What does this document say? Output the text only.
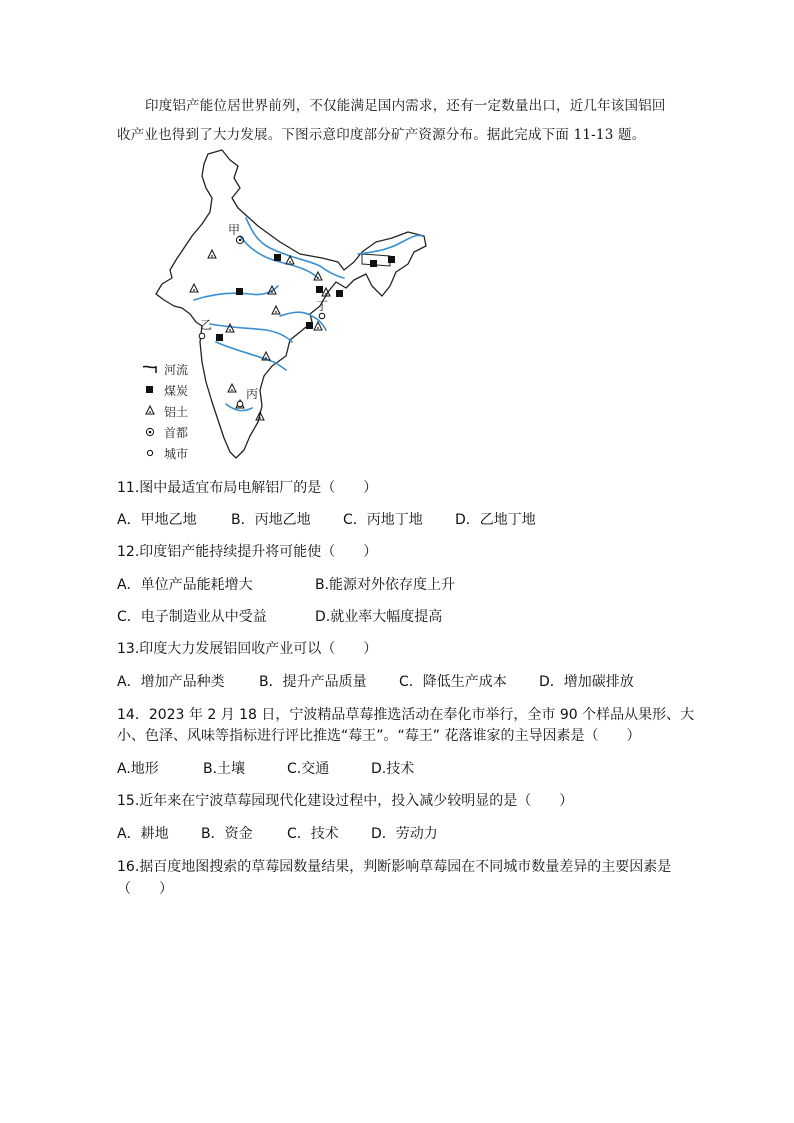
印度铝产能位居世界前列，不仅能满足国内需求，还有一定数量出口，近几年该国铝回
收产业也得到了大力发展。下图示意印度部分矿产资源分布。据此完成下面 11-13 题。
甲
乙
丙
丁
河流
煤炭
铝土
首都
城市
11.图中最适宜布局电解铝厂的是（　　）
A．甲地乙地 B．丙地乙地 C．丙地丁地 D．乙地丁地
12.印度铝产能持续提升将可能使（　　）
A．单位产品能耗增大	B.能源对外依存度上升
C．电子制造业从中受益	D.就业率大幅度提高
13.印度大力发展铝回收产业可以（　　）
A．增加产品种类 B．提升产品质量 C．降低生产成本 D．增加碳排放
14．2023 年 2 月 18 日，宁波精品草莓推选活动在奉化市举行，全市 90 个样品从果形、大
小、色泽、风味等指标进行评比推选“莓王”。“莓王” 花落谁家的主导因素是（　　）
A.地形	B.土壤	C.交通	D.技术
15.近年来在宁波草莓园现代化建设过程中，投入减少较明显的是（　　）
A．耕地 B．资金 C．技术 D．劳动力
16.据百度地图搜索的草莓园数量结果，判断影响草莓园在不同城市数量差异的主要因素是
（　　）
